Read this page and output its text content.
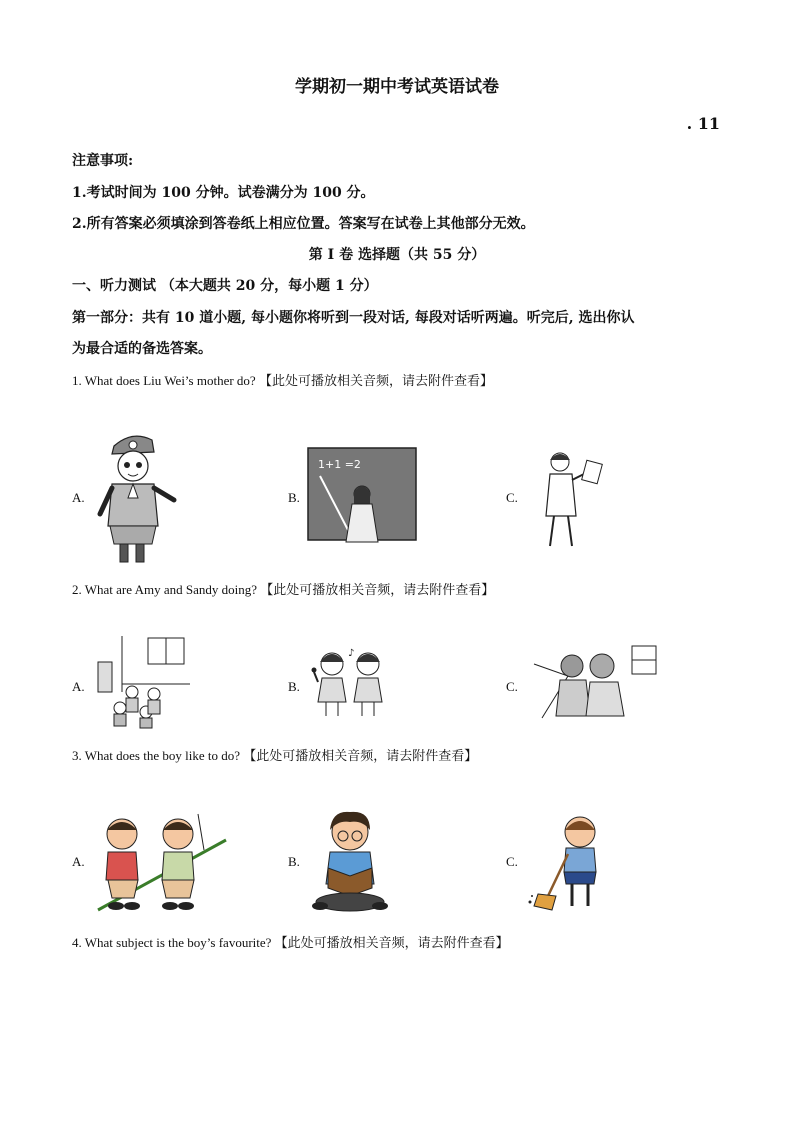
学期初一期中考试英语试卷
. 11
注意事项:
1.考试时间为 100 分钟。试卷满分为 100 分。
2.所有答案必须填涂到答卷纸上相应位置。答案写在试卷上其他部分无效。
第 I 卷 选择题（共 55 分）
一、听力测试 （本大题共 20 分，每小题 1 分）
第一部分：共有 10 道小题, 每小题你将听到一段对话, 每段对话听两遍。听完后, 选出你认
为最合适的备选答案。
1. What does Liu Wei’s mother do? 【此处可播放相关音频，请去附件查看】
A.	B.	C.
1+1 =2
2. What are Amy and Sandy doing? 【此处可播放相关音频，请去附件查看】
A.	B.	C.
♪
3. What does the boy like to do? 【此处可播放相关音频，请去附件查看】
A.	B.	C.
4. What subject is the boy’s favourite? 【此处可播放相关音频，请去附件查看】
